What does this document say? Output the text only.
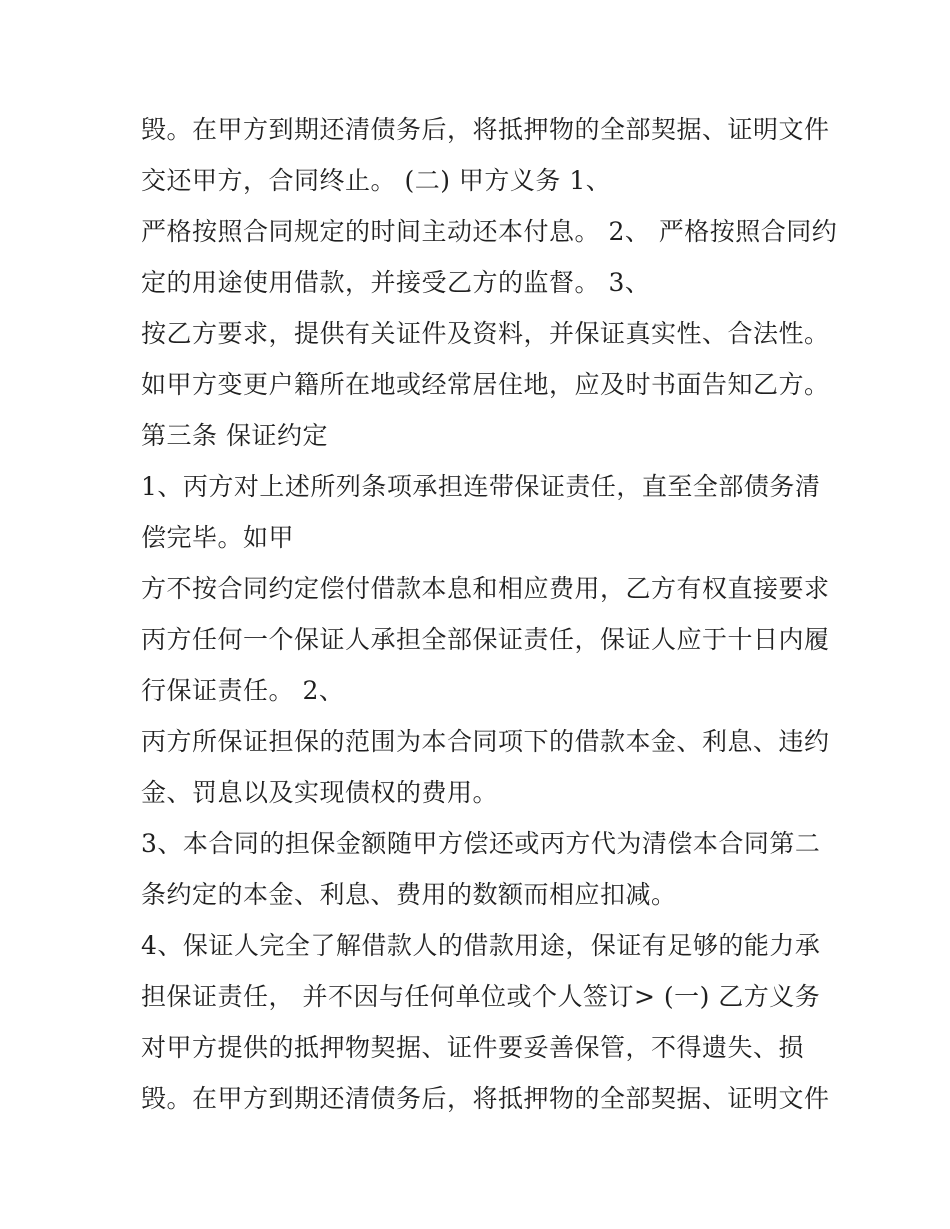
毁。在甲方到期还清债务后，将抵押物的全部契据、证明文件
交还甲方，合同终止。 (二) 甲方义务 1、
严格按照合同规定的时间主动还本付息。 2、 严格按照合同约
定的用途使用借款，并接受乙方的监督。 3、
按乙方要求，提供有关证件及资料，并保证真实性、合法性。
如甲方变更户籍所在地或经常居住地，应及时书面告知乙方。
第三条 保证约定
1、丙方对上述所列条项承担连带保证责任，直至全部债务清
偿完毕。如甲
方不按合同约定偿付借款本息和相应费用，乙方有权直接要求
丙方任何一个保证人承担全部保证责任，保证人应于十日内履
行保证责任。 2、
丙方所保证担保的范围为本合同项下的借款本金、利息、违约
金、罚息以及实现债权的费用。
3、本合同的担保金额随甲方偿还或丙方代为清偿本合同第二
条约定的本金、利息、费用的数额而相应扣减。
4、保证人完全了解借款人的借款用途，保证有足够的能力承
担保证责任， 并不因与任何单位或个人签订> (一) 乙方义务
对甲方提供的抵押物契据、证件要妥善保管，不得遗失、损
毁。在甲方到期还清债务后，将抵押物的全部契据、证明文件
